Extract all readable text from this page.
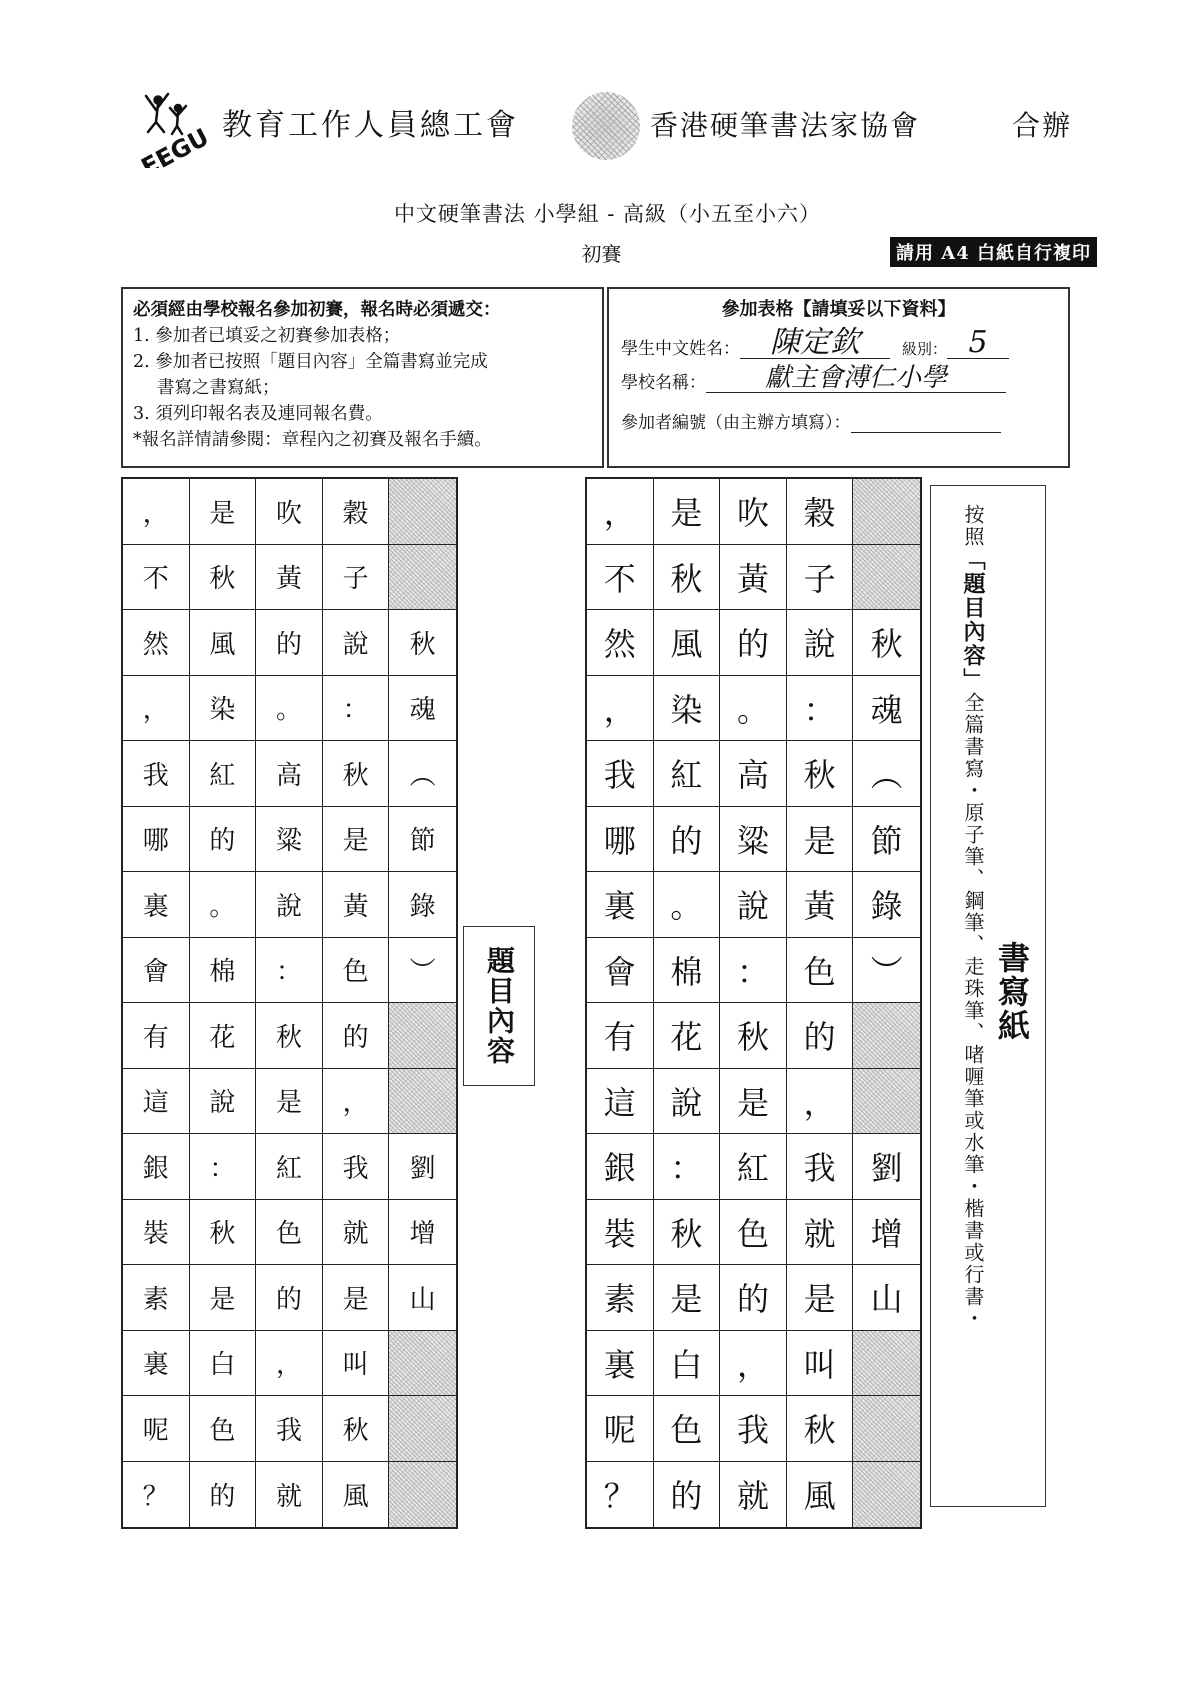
EEGU 教育工作人員總工會	香港硬筆書法家協會	合辦
中文硬筆書法 小學組 - 高級（小五至小六）
初賽	請用 A4 白紙自行複印
必須經由學校報名參加初賽，報名時必須遞交：
1. 參加者已填妥之初賽參加表格；
2. 參加者已按照「題目內容」全篇書寫並完成
書寫之書寫紙；
3. 須列印報名表及連同報名費。
*報名詳情請參閱：章程內之初賽及報名手續。
參加表格【請填妥以下資料】
學生中文姓名：	陳定欽	級別： 5
學校名稱：	獻主會溥仁小學
參加者編號（由主辦方填寫）：
，	是	吹	穀
不	秋	黃	子
然	風	的	說	秋
，	染	。	：	魂
我	紅	高	秋	︵
哪	的	粱	是	節
裏	。	說	黃	錄
會	棉	：	色	︶
有	花	秋	的
這	說	是	，
銀	：	紅	我	劉
裝	秋	色	就	增
素	是	的	是	山
裏	白	，	叫
呢	色	我	秋
？	的	就	風
題目內容
，	是	吹	穀
不	秋	黃	子
然	風	的	說	秋
，	染	。	：	魂
我	紅	高	秋	︵
哪	的	粱	是	節
裏	。	說	黃	錄
會	棉	：	色	︶
有	花	秋	的
這	說	是	，
銀	：	紅	我	劉
裝	秋	色	就	增
素	是	的	是	山
裏	白	，	叫
呢	色	我	秋
？	的	就	風
按照「題目內容」全篇書寫・原子筆、鋼筆、走珠筆、啫喱筆或水筆・楷書或行書・ 書寫紙
